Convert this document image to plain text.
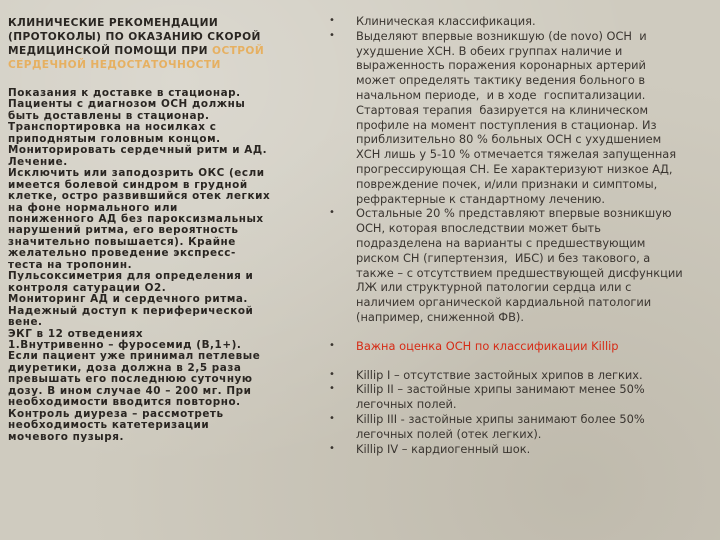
КЛИНИЧЕСКИЕ РЕКОМЕНДАЦИИ
(ПРОТОКОЛЫ) ПО ОКАЗАНИЮ СКОРОЙ
МЕДИЦИНСКОЙ ПОМОЩИ ПРИ ОСТРОЙ
СЕРДЕЧНОЙ НЕДОСТАТОЧНОСТИ
Показания к доставке в стационар.
Пациенты с диагнозом ОСН должны
быть доставлены в стационар.
Транспортировка на носилках с
приподнятым головным концом.
Мониторировать сердечный ритм и АД.
Лечение.
Исключить или заподозрить ОКС (если
имеется болевой синдром в грудной
клетке, остро развившийся отек легких
на фоне нормального или
пониженного АД без пароксизмальных
нарушений ритма, его вероятность
значительно повышается). Крайне
желательно проведение экспресс-
теста на тропонин.
Пульсоксиметрия для определения и
контроля сатурации О2.
Мониторинг АД и сердечного ритма.
Надежный доступ к периферической
вене.
ЭКГ в 12 отведениях
1.Внутривенно – фуросемид (В,1+).
Если пациент уже принимал петлевые
диуретики, доза должна в 2,5 раза
превышать его последнюю суточную
дозу. В ином случае 40 – 200 мг. При
необходимости вводится повторно.
Контроль диуреза – рассмотреть
необходимость катетеризации
мочевого пузыря.
• Клиническая классификация.
• Выделяют впервые возникшую (de novo) ОСН  и
ухудшение ХСН. В обеих группах наличие и
выраженность поражения коронарных артерий
может определять тактику ведения больного в
начальном периоде,  и в ходе  госпитализации.
Стартовая терапия  базируется на клиническом
профиле на момент поступления в стационар. Из
приблизительно 80 % больных ОСН с ухудшением
ХСН лишь у 5-10 % отмечается тяжелая запущенная
прогрессирующая СН. Ее характеризуют низкое АД,
повреждение почек, и/или признаки и симптомы,
рефрактерные к стандартному лечению.
• Остальные 20 % представляют впервые возникшую
ОСН, которая впоследствии может быть
подразделена на варианты с предшествующим
риском СН (гипертензия,  ИБС) и без такового, а
также – с отсутствием предшествующей дисфункции
ЛЖ или структурной патологии сердца или с
наличием органической кардиальной патологии
(например, сниженной ФВ).
• Важна оценка ОСН по классификации Killip
• Killip I – отсутствие застойных хрипов в легких.
• Killip II – застойные хрипы занимают менее 50%
легочных полей.
• Killip III - застойные хрипы занимают более 50%
легочных полей (отек легких).
• Killip IV – кардиогенный шок.
